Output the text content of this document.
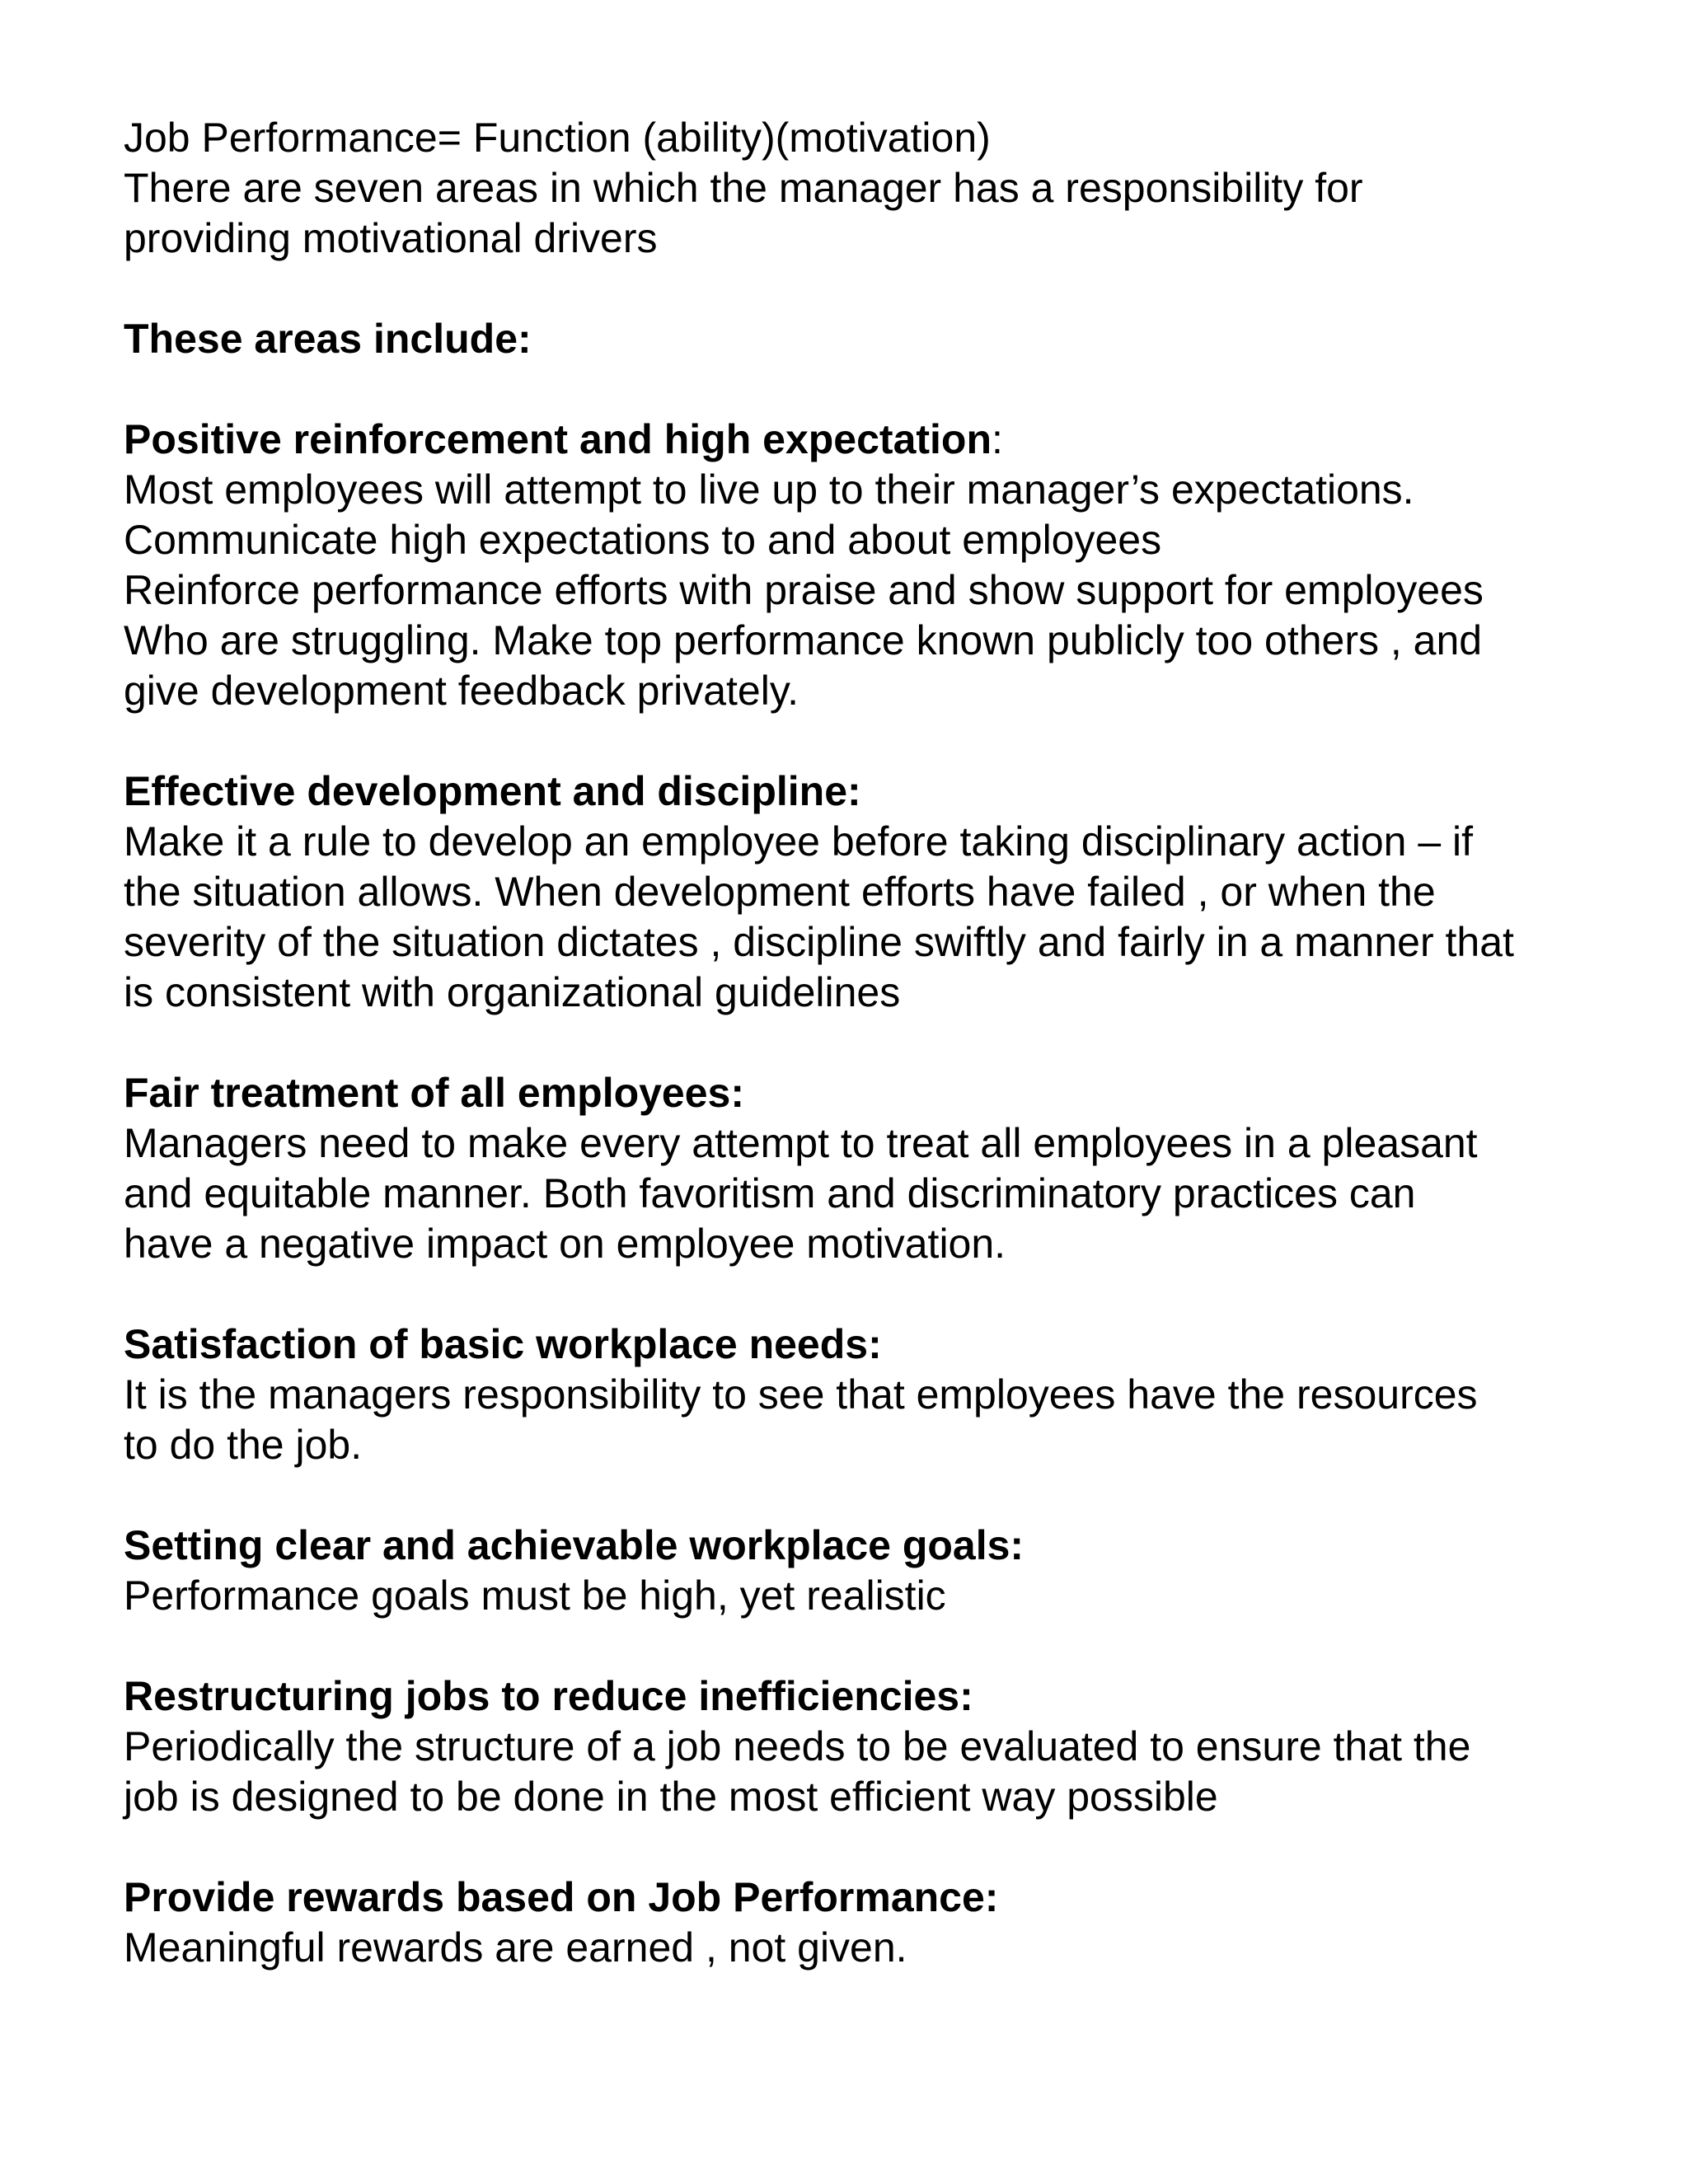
Job Performance= Function (ability)(motivation)
There are seven areas in which the manager has a responsibility for
providing motivational drivers

These areas include:

Positive reinforcement and high expectation:
Most employees will attempt to live up to their manager’s expectations.
Communicate high expectations to and about employees
Reinforce performance efforts with praise and show support for employees
Who are struggling. Make top performance known publicly too others , and
give development feedback privately.

Effective development and discipline:
Make it a rule to develop an employee before taking disciplinary action – if
the situation allows. When development efforts have failed , or when the
severity of the situation dictates , discipline swiftly and fairly in a manner that
is consistent with organizational guidelines

Fair treatment of all employees:
Managers need to make every attempt to treat all employees in a pleasant
and equitable manner. Both favoritism and discriminatory practices can
have a negative impact on employee motivation.

Satisfaction of basic workplace needs:
It is the managers responsibility to see that employees have the resources
to do the job.

Setting clear and achievable workplace goals:
Performance goals must be high, yet realistic

Restructuring jobs to reduce inefficiencies:
Periodically the structure of a job needs to be evaluated to ensure that the
job is designed to be done in the most efficient way possible

Provide rewards based on Job Performance:
Meaningful rewards are earned , not given.
